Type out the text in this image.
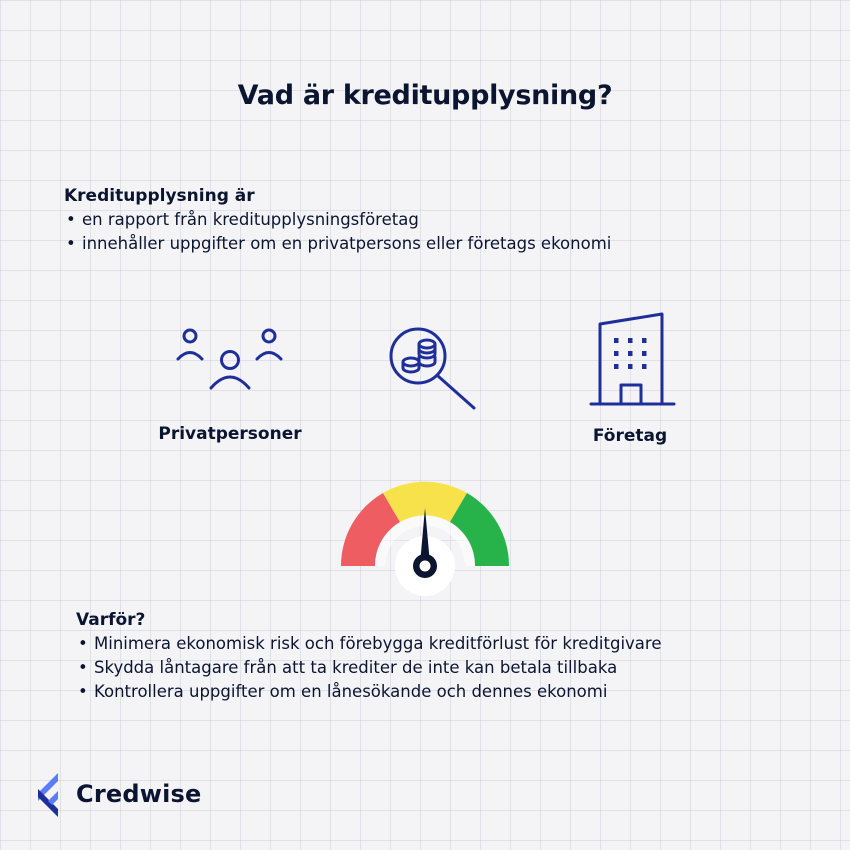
Vad är kreditupplysning?
Kreditupplysning är
• en rapport från kreditupplysningsföretag
• innehåller uppgifter om en privatpersons eller företags ekonomi
Privatpersoner	Företag
Varför?
• Minimera ekonomisk risk och förebygga kreditförlust för kreditgivare
• Skydda låntagare från att ta krediter de inte kan betala tillbaka
• Kontrollera uppgifter om en lånesökande och dennes ekonomi
Credwise
